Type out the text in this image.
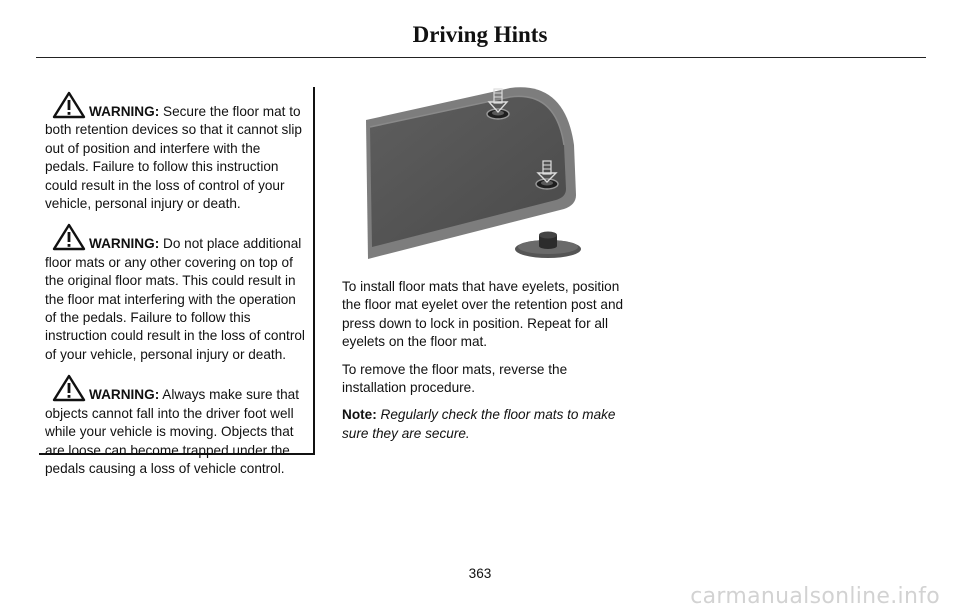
Driving Hints
WARNING: Secure the floor mat to both retention devices so that it cannot slip out of position and interfere with the pedals. Failure to follow this instruction could result in the loss of control of your vehicle, personal injury or death.
WARNING: Do not place additional floor mats or any other covering on top of the original floor mats. This could result in the floor mat interfering with the operation of the pedals. Failure to follow this instruction could result in the loss of control of your vehicle, personal injury or death.
WARNING: Always make sure that objects cannot fall into the driver foot well while your vehicle is moving. Objects that are loose can become trapped under the pedals causing a loss of vehicle control.

To install floor mats that have eyelets, position the floor mat eyelet over the retention post and press down to lock in position. Repeat for all eyelets on the floor mat.

To remove the floor mats, reverse the installation procedure.

Note: Regularly check the floor mats to make sure they are secure.

363
carmanualsonline.info
